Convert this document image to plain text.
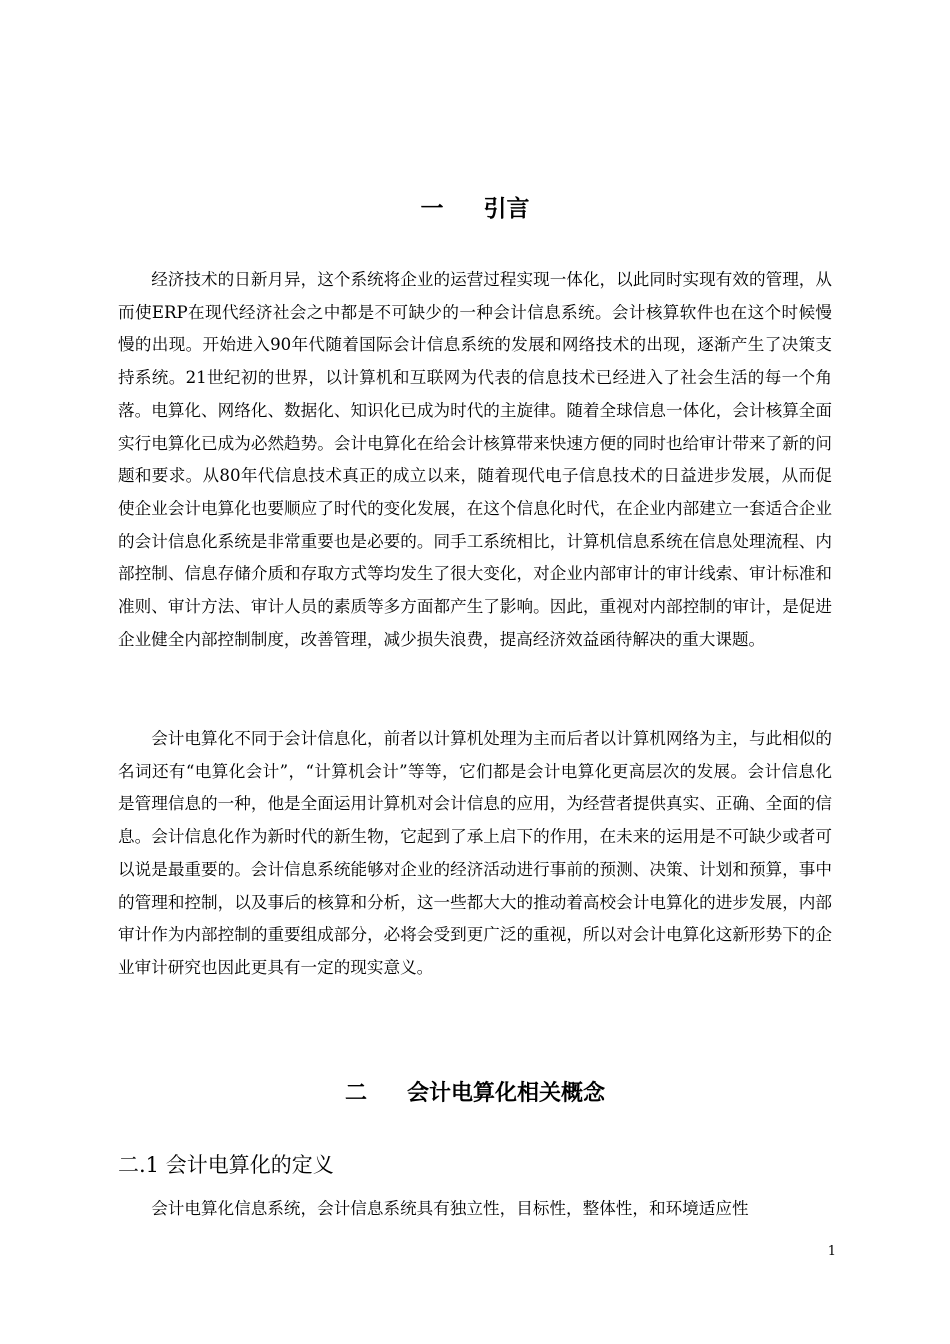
一 引言
经济技术的日新月异，这个系统将企业的运营过程实现一体化，以此同时实现有效的管理，从而使ERP在现代经济社会之中都是不可缺少的一种会计信息系统。会计核算软件也在这个时候慢慢的出现。开始进入90年代随着国际会计信息系统的发展和网络技术的出现，逐渐产生了决策支持系统。21世纪初的世界，以计算机和互联网为代表的信息技术已经进入了社会生活的每一个角落。电算化、网络化、数据化、知识化已成为时代的主旋律。随着全球信息一体化，会计核算全面实行电算化已成为必然趋势。会计电算化在给会计核算带来快速方便的同时也给审计带来了新的问题和要求。从80年代信息技术真正的成立以来，随着现代电子信息技术的日益进步发展，从而促使企业会计电算化也要顺应了时代的变化发展，在这个信息化时代，在企业内部建立一套适合企业的会计信息化系统是非常重要也是必要的。同手工系统相比，计算机信息系统在信息处理流程、内部控制、信息存储介质和存取方式等均发生了很大变化，对企业内部审计的审计线索、审计标准和准则、审计方法、审计人员的素质等多方面都产生了影响。因此，重视对内部控制的审计，是促进企业健全内部控制制度，改善管理，减少损失浪费，提高经济效益函待解决的重大课题。
会计电算化不同于会计信息化，前者以计算机处理为主而后者以计算机网络为主，与此相似的名词还有“电算化会计”，“计算机会计”等等，它们都是会计电算化更高层次的发展。会计信息化是管理信息的一种，他是全面运用计算机对会计信息的应用，为经营者提供真实、正确、全面的信息。会计信息化作为新时代的新生物，它起到了承上启下的作用，在未来的运用是不可缺少或者可以说是最重要的。会计信息系统能够对企业的经济活动进行事前的预测、决策、计划和预算，事中的管理和控制，以及事后的核算和分析，这一些都大大的推动着高校会计电算化的进步发展，内部审计作为内部控制的重要组成部分，必将会受到更广泛的重视，所以对会计电算化这新形势下的企业审计研究也因此更具有一定的现实意义。
二 会计电算化相关概念
二.1 会计电算化的定义
会计电算化信息系统，会计信息系统具有独立性，目标性，整体性，和环境适应性
1
